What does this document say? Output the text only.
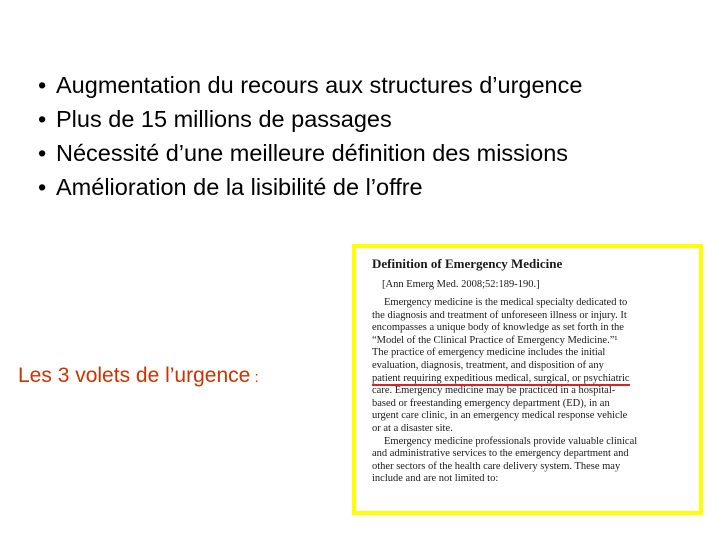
• Augmentation du recours aux structures d’urgence
• Plus de 15 millions de passages
• Nécessité d’une meilleure définition des missions
• Amélioration de la lisibilité de l’offre
Les 3 volets de l’urgence :
Definition of Emergency Medicine
[Ann Emerg Med. 2008;52:189-190.]
Emergency medicine is the medical specialty dedicated to
the diagnosis and treatment of unforeseen illness or injury. It
encompasses a unique body of knowledge as set forth in the
“Model of the Clinical Practice of Emergency Medicine.”¹
The practice of emergency medicine includes the initial
evaluation, diagnosis, treatment, and disposition of any
patient requiring expeditious medical, surgical, or psychiatric
care. Emergency medicine may be practiced in a hospital-
based or freestanding emergency department (ED), in an
urgent care clinic, in an emergency medical response vehicle
or at a disaster site.
Emergency medicine professionals provide valuable clinical
and administrative services to the emergency department and
other sectors of the health care delivery system. These may
include and are not limited to:
